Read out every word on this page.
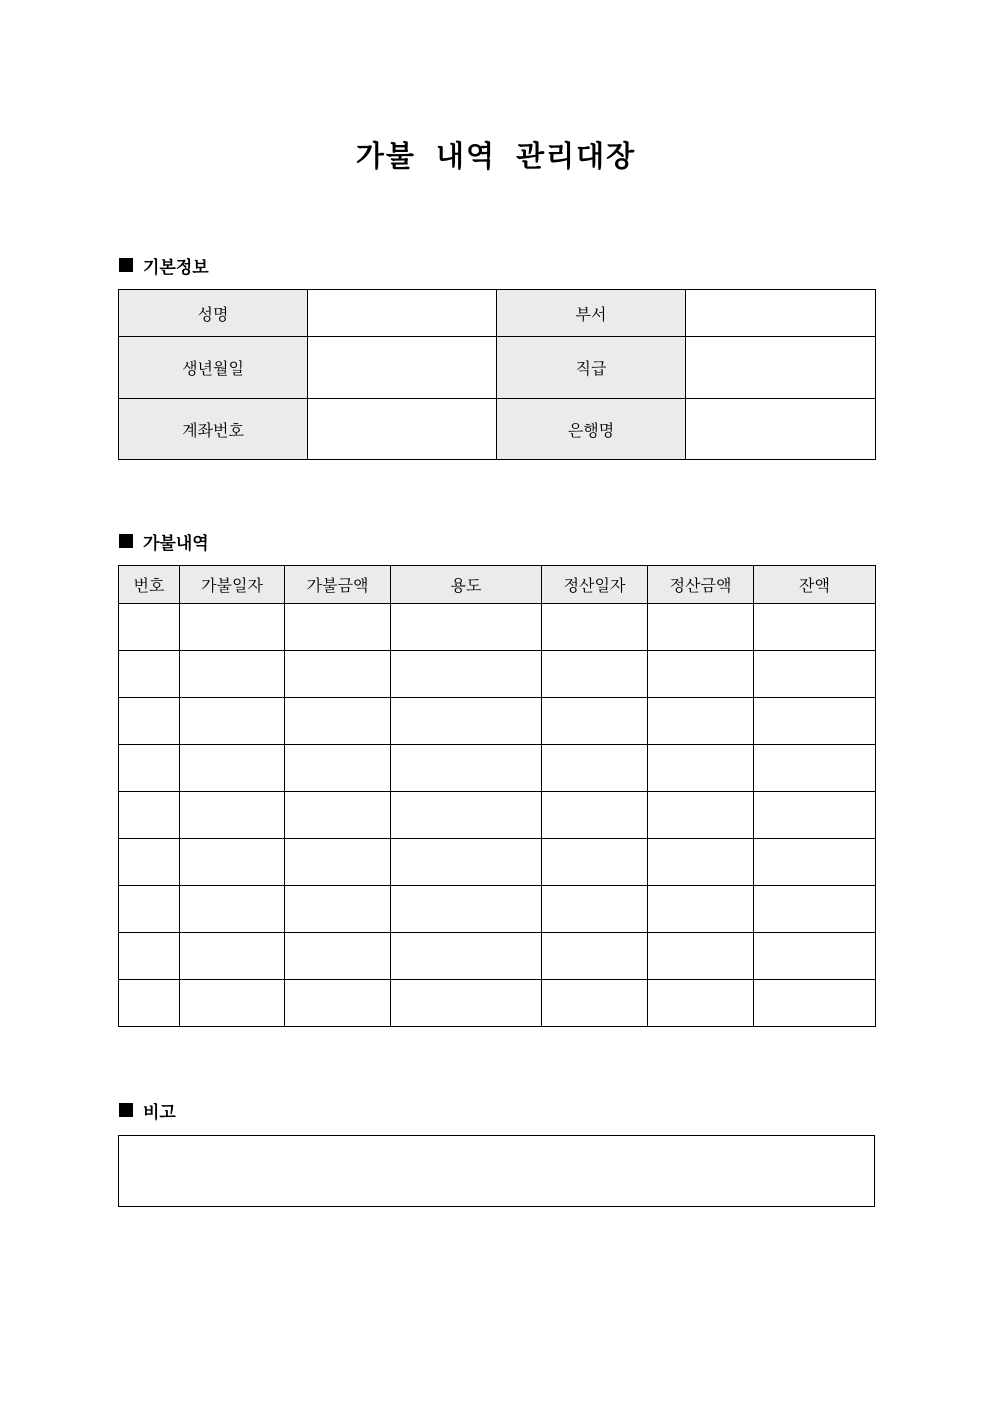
가불 내역 관리대장
기본정보
성명		부서	
생년월일		직급	
계좌번호		은행명	
가불내역
번호	가불일자	가불금액	용도	정산일자	정산금액	잔액

비고
